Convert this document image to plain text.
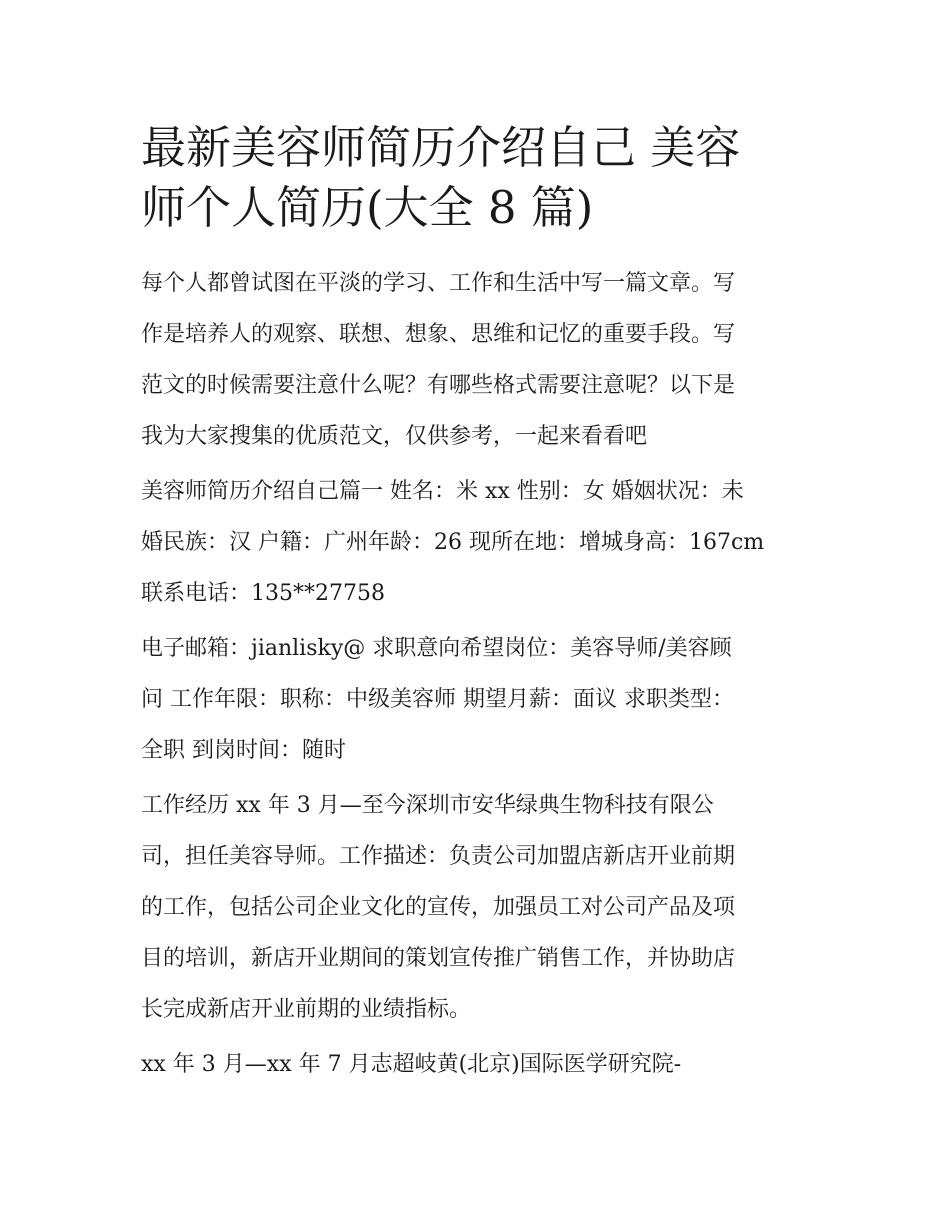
最新美容师简历介绍自己 美容
师个人简历(大全 8 篇)

每个人都曾试图在平淡的学习、工作和生活中写一篇文章。写
作是培养人的观察、联想、想象、思维和记忆的重要手段。写
范文的时候需要注意什么呢？有哪些格式需要注意呢？以下是
我为大家搜集的优质范文，仅供参考，一起来看看吧

美容师简历介绍自己篇一 姓名：米 xx 性别：女 婚姻状况：未
婚民族：汉 户籍：广州年龄：26 现所在地：增城身高：167cm
联系电话：135**27758

电子邮箱：jianlisky@ 求职意向希望岗位：美容导师/美容顾
问 工作年限：职称：中级美容师 期望月薪：面议 求职类型：
全职 到岗时间：随时

工作经历 xx 年 3 月—至今深圳市安华绿典生物科技有限公
司，担任美容导师。工作描述：负责公司加盟店新店开业前期
的工作，包括公司企业文化的宣传，加强员工对公司产品及项
目的培训，新店开业期间的策划宣传推广销售工作，并协助店
长完成新店开业前期的业绩指标。

xx 年 3 月—xx 年 7 月志超岐黄(北京)国际医学研究院-
